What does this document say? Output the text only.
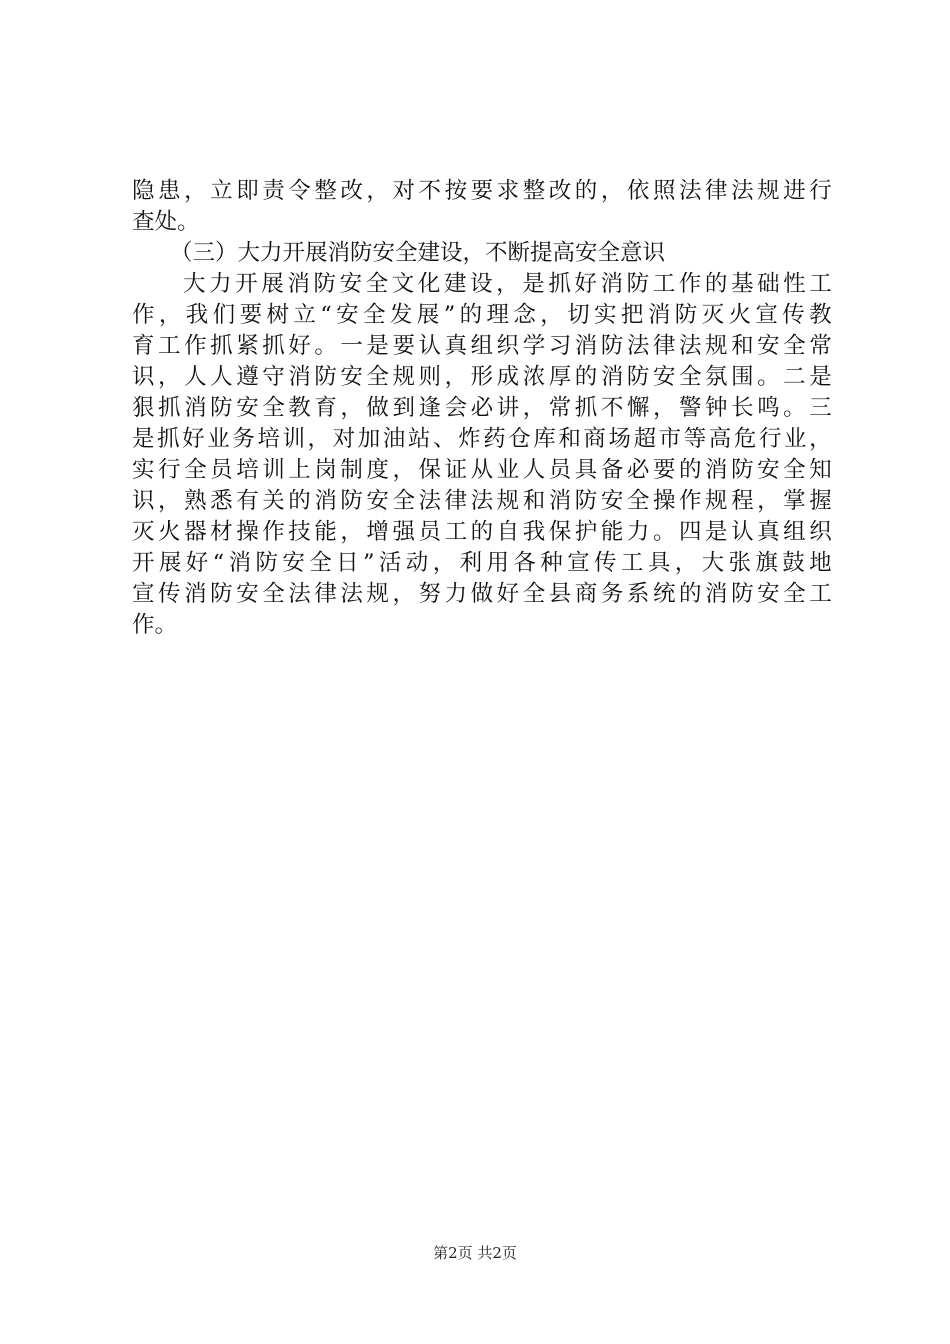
隐 患 ， 立 即 责 令 整 改 ， 对 不 按 要 求 整 改 的 ， 依 照 法 律 法 规 进 行
查处。
（三）大力开展消防安全建设，不断提高安全意识
大 力 开 展 消 防 安 全 文 化 建 设 ， 是 抓 好 消 防 工 作 的 基 础 性 工
作 ， 我 们 要 树 立 “ 安 全 发 展 ” 的 理 念 ， 切 实 把 消 防 灭 火 宣 传 教
育 工 作 抓 紧 抓 好 。 一 是 要 认 真 组 织 学 习 消 防 法 律 法 规 和 安 全 常
识 ， 人 人 遵 守 消 防 安 全 规 则 ， 形 成 浓 厚 的 消 防 安 全 氛 围 。 二 是
狠 抓 消 防 安 全 教 育 ， 做 到 逢 会 必 讲 ， 常 抓 不 懈 ， 警 钟 长 鸣 。 三
是 抓 好 业 务 培 训 ， 对 加 油 站 、 炸 药 仓 库 和 商 场 超 市 等 高 危 行 业 ，
实 行 全 员 培 训 上 岗 制 度 ， 保 证 从 业 人 员 具 备 必 要 的 消 防 安 全 知
识 ， 熟 悉 有 关 的 消 防 安 全 法 律 法 规 和 消 防 安 全 操 作 规 程 ， 掌 握
灭 火 器 材 操 作 技 能 ， 增 强 员 工 的 自 我 保 护 能 力 。 四 是 认 真 组 织
开 展 好 “ 消 防 安 全 日 ” 活 动 ， 利 用 各 种 宣 传 工 具 ， 大 张 旗 鼓 地
宣 传 消 防 安 全 法 律 法 规 ， 努 力 做 好 全 县 商 务 系 统 的 消 防 安 全 工
作。
第2页 共2页
